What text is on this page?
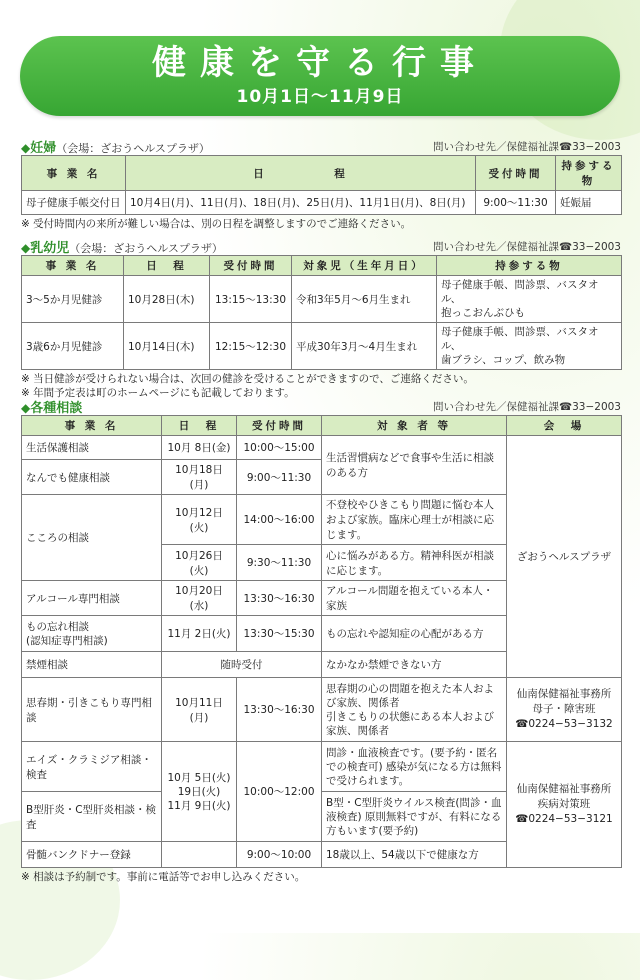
健康を守る行事
10月1日〜11月9日
◆妊婦（会場：ざおうヘルスプラザ）	問い合わせ先／保健福祉課☎33−2003
事 業 名	日　　　　　程	受付時間	持参する物
母子健康手帳交付日	10月4日(月)、11日(月)、18日(月)、25日(月)、11月1日(月)、8日(月)	9:00〜11:30	妊娠届
※ 受付時間内の来所が難しい場合は、別の日程を調整しますのでご連絡ください。
◆乳幼児（会場：ざおうヘルスプラザ）	問い合わせ先／保健福祉課☎33−2003
事 業 名	日　程	受付時間	対象児（生年月日）	持参する物
3〜5か月児健診	10月28日(木)	13:15〜13:30	令和3年5月〜6月生まれ	母子健康手帳、問診票、バスタオル、
抱っこおんぶひも
3歳6か月児健診	10月14日(木)	12:15〜12:30	平成30年3月〜4月生まれ	母子健康手帳、問診票、バスタオル、
歯ブラシ、コップ、飲み物
※ 当日健診が受けられない場合は、次回の健診を受けることができますので、ご連絡ください。
※ 年間予定表は町のホームページにも記載しております。
◆各種相談	問い合わせ先／保健福祉課☎33−2003
事 業 名	日　程	受付時間	対 象 者 等	会　場
生活保護相談	10月 8日(金)	10:00〜15:00	生活習慣病などで食事や生活に相談のある方	ざおうヘルスプラザ
なんでも健康相談	10月18日(月)	9:00〜11:30		
こころの相談	10月12日(火)	14:00〜16:00	不登校やひきこもり問題に悩む本人および家族。臨床心理士が相談に応じます。	
	10月26日(火)	9:30〜11:30	心に悩みがある方。精神科医が相談に応じます。	
アルコール専門相談	10月20日(水)	13:30〜16:30	アルコール問題を抱えている本人・家族	
もの忘れ相談
(認知症専門相談)	11月 2日(火)	13:30〜15:30	もの忘れや認知症の心配がある方	
禁煙相談	随時受付		なかなか禁煙できない方	
思春期・引きこもり専門相談	10月11日(月)	13:30〜16:30	思春期の心の問題を抱えた本人および家族、関係者
引きこもりの状態にある本人および家族、関係者	仙南保健福祉事務所
母子・障害班
☎0224−53−3132
エイズ・クラミジア相談・検査	10月 5日(火)
19日(火)
11月 9日(火)	10:00〜12:00	問診・血液検査です。(要予約・匿名での検査可) 感染が気になる方は無料で受けられます。	仙南保健福祉事務所
疾病対策班
☎0224−53−3121
B型肝炎・C型肝炎相談・検査			B型・C型肝炎ウイルス検査(問診・血液検査) 原則無料ですが、有料になる方もいます(要予約)	
骨髄バンクドナー登録		9:00〜10:00	18歳以上、54歳以下で健康な方	
※ 相談は予約制です。事前に電話等でお申し込みください。
